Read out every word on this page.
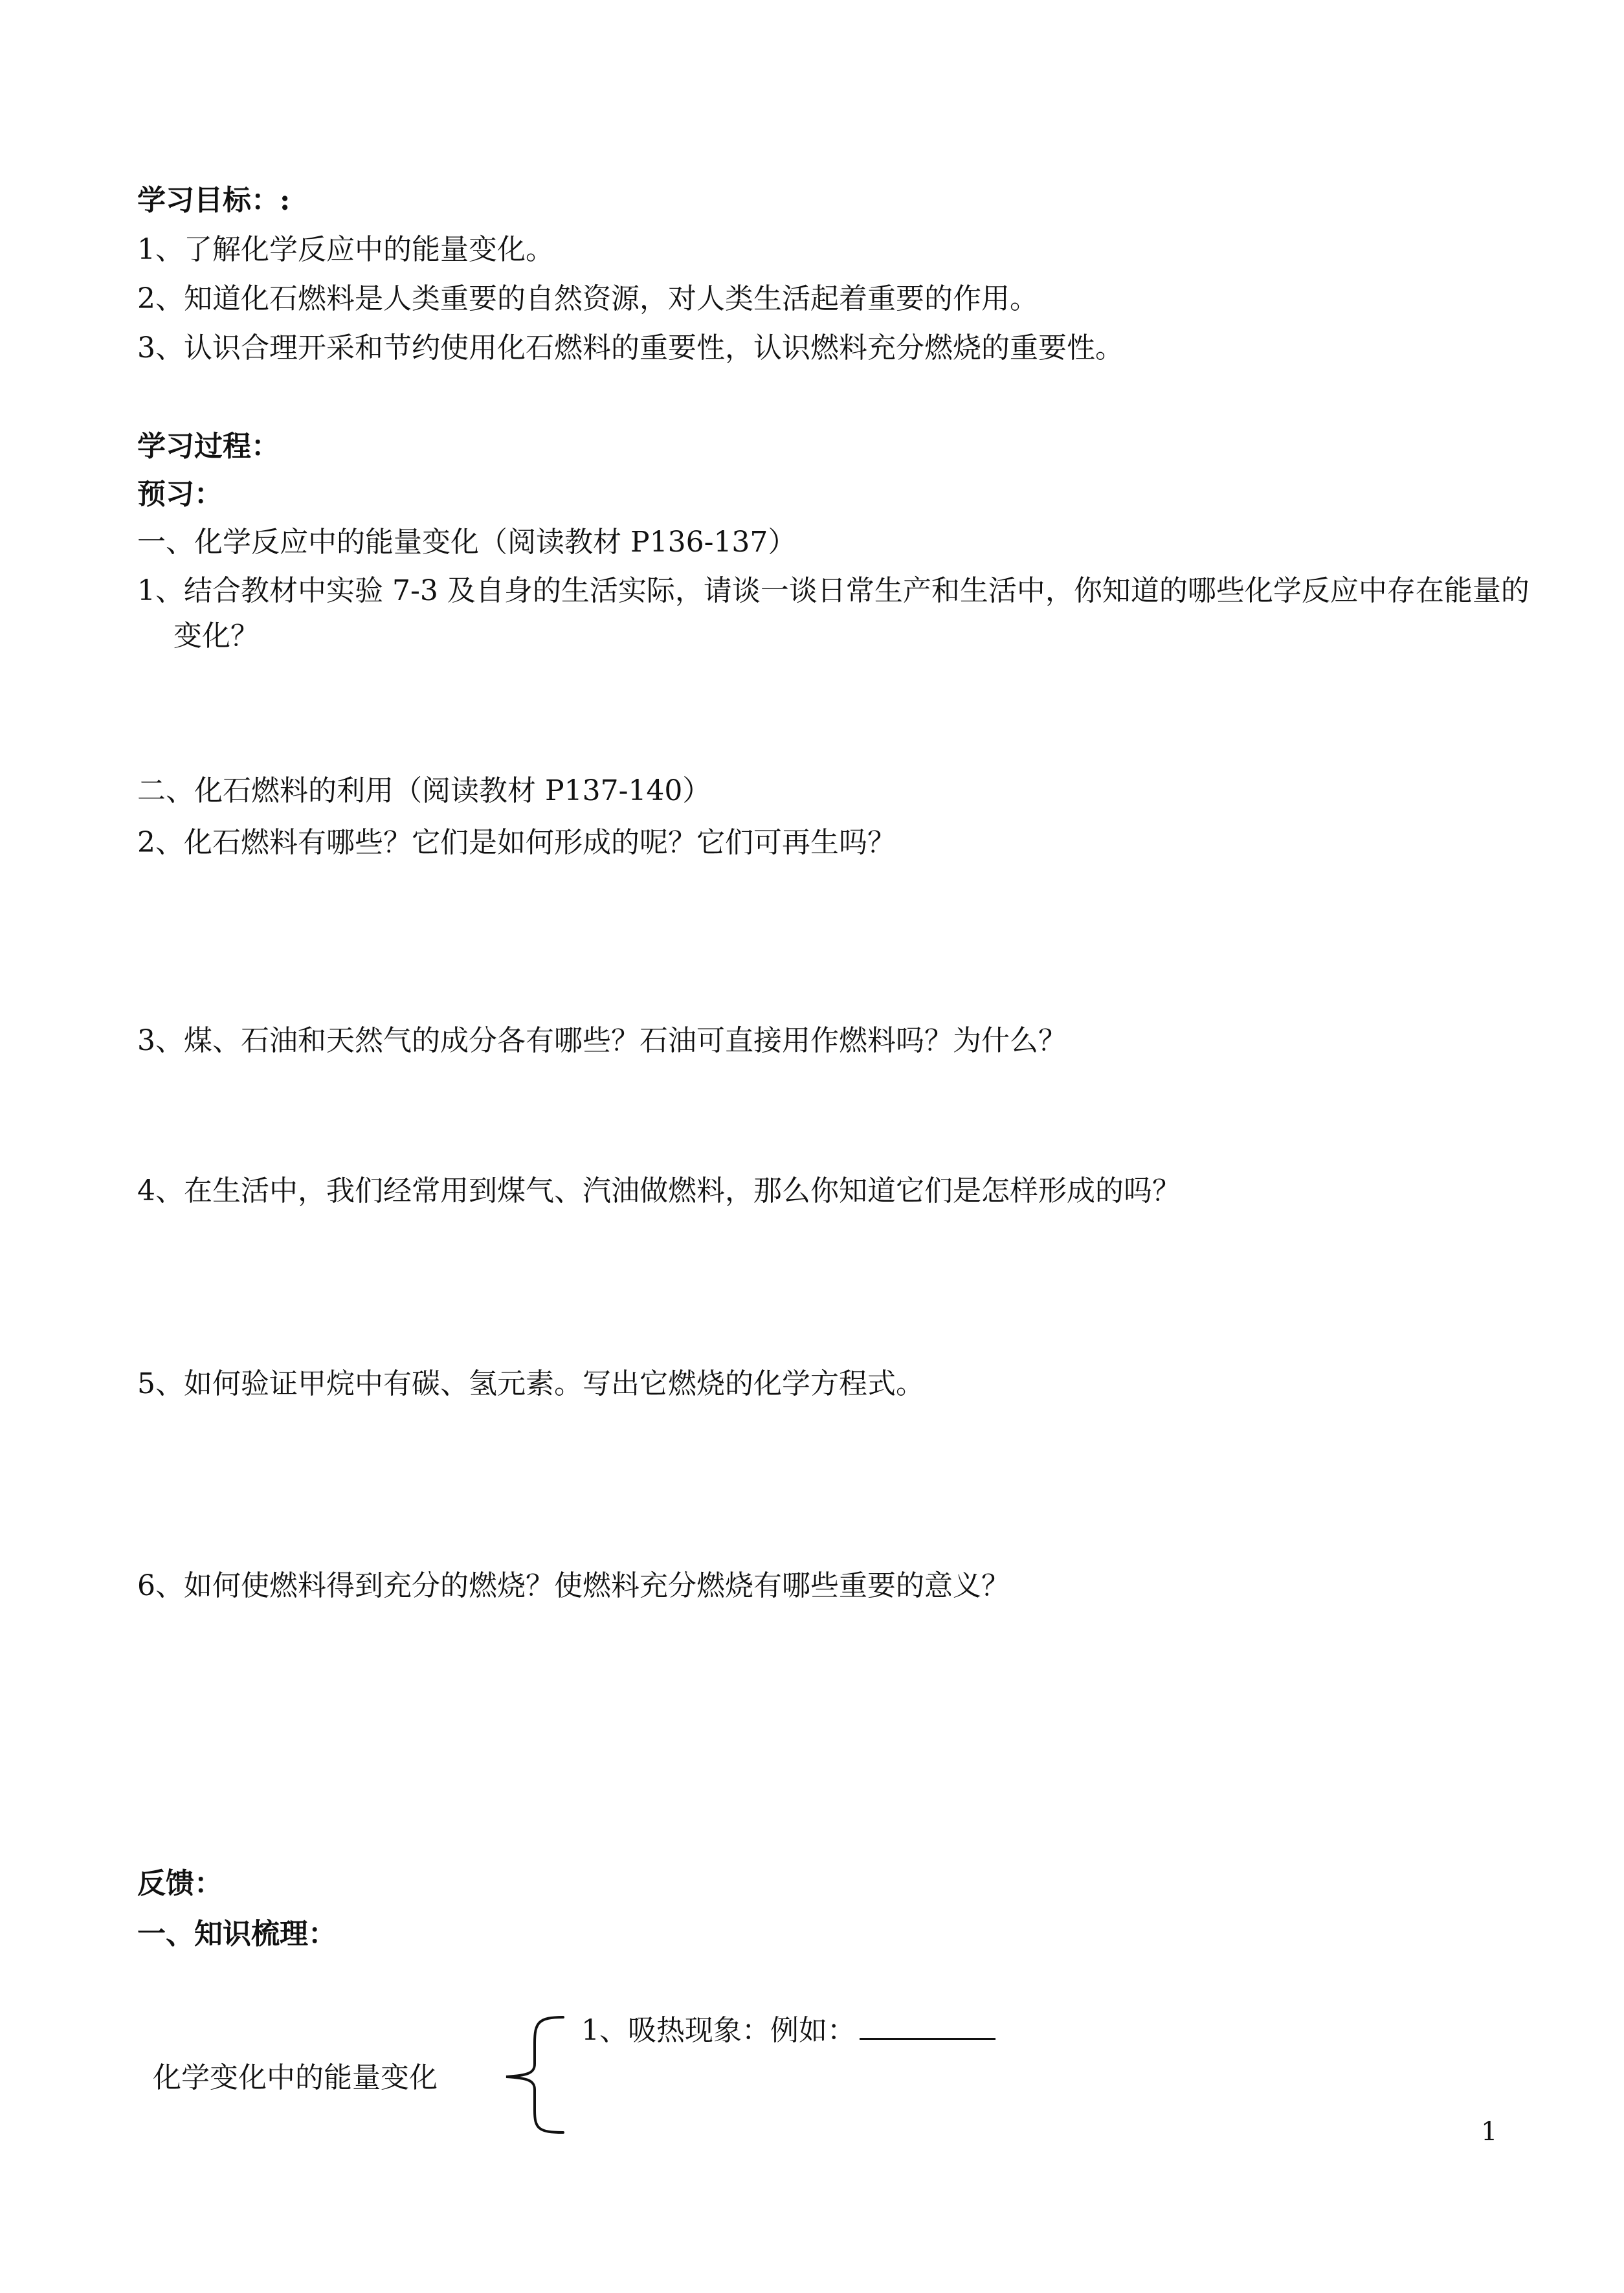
学习目标：:
1、了解化学反应中的能量变化。
2、知道化石燃料是人类重要的自然资源，对人类生活起着重要的作用。
3、认识合理开采和节约使用化石燃料的重要性，认识燃料充分燃烧的重要性。
学习过程：
预习：
一、化学反应中的能量变化（阅读教材 P136-137）
1、结合教材中实验 7-3 及自身的生活实际，请谈一谈日常生产和生活中，你知道的哪些化学反应中存在能量的变化？
二、化石燃料的利用（阅读教材 P137-140）
2、化石燃料有哪些？它们是如何形成的呢？它们可再生吗？
3、煤、石油和天然气的成分各有哪些？石油可直接用作燃料吗？为什么？
4、在生活中，我们经常用到煤气、汽油做燃料，那么你知道它们是怎样形成的吗？
5、如何验证甲烷中有碳、氢元素。写出它燃烧的化学方程式。
6、如何使燃料得到充分的燃烧？使燃料充分燃烧有哪些重要的意义？
反馈：
一、知识梳理：
化学变化中的能量变化
1、吸热现象：例如：
1
